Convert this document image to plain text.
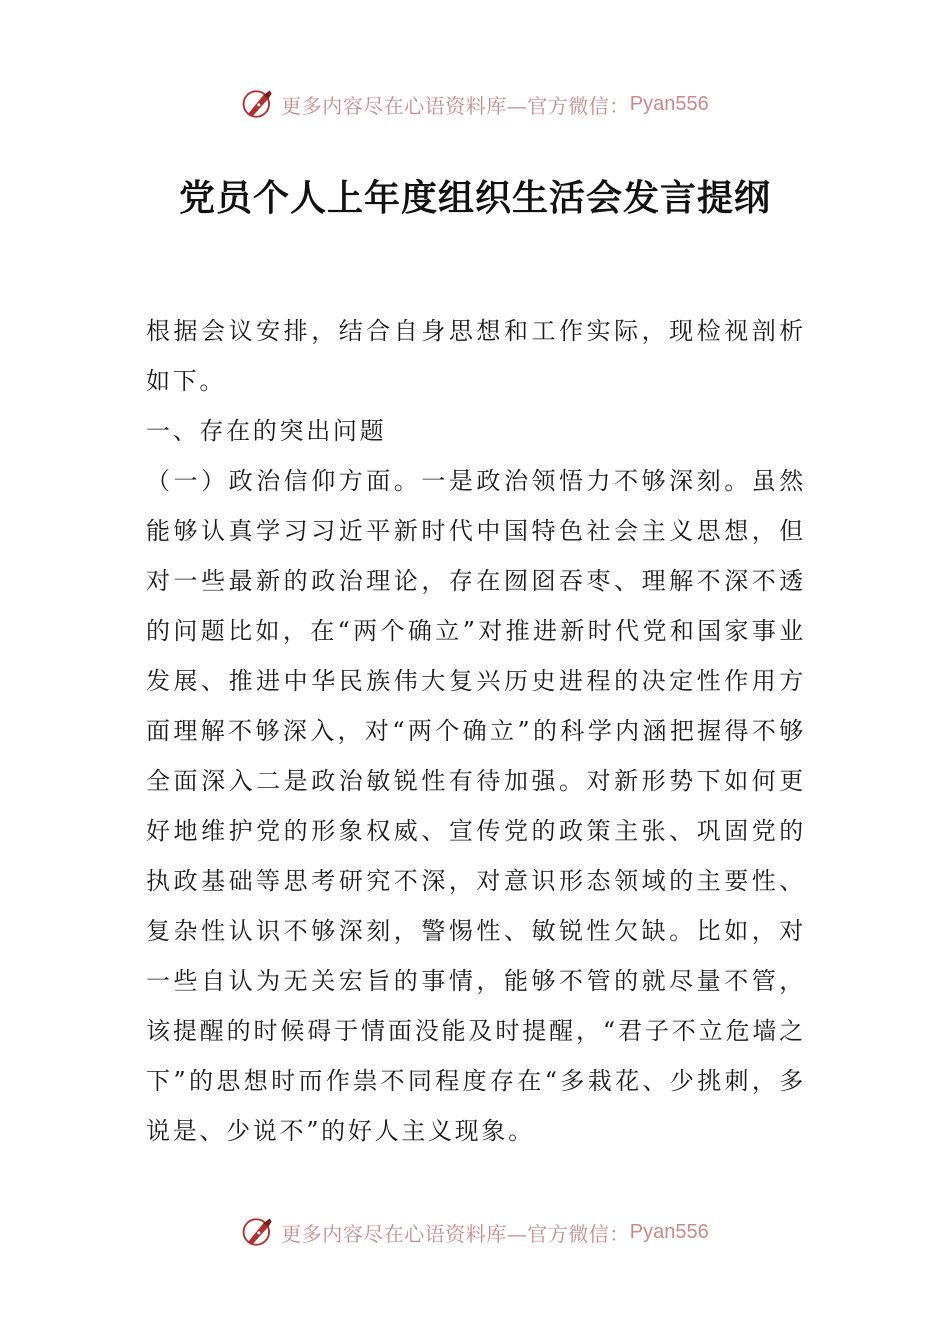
更多内容尽在心语资料库—官方微信： Pyan556
党员个人上年度组织生活会发言提纲

根据会议安排，结合自身思想和工作实际，现检视剖析如下。

一、存在的突出问题

（一）政治信仰方面。一是政治领悟力不够深刻。虽然能够认真学习习近平新时代中国特色社会主义思想，但对一些最新的政治理论，存在囫囵吞枣、理解不深不透的问题比如，在“两个确立”对推进新时代党和国家事业发展、推进中华民族伟大复兴历史进程的决定性作用方面理解不够深入，对“两个确立”的科学内涵把握得不够全面深入二是政治敏锐性有待加强。对新形势下如何更好地维护党的形象权威、宣传党的政策主张、巩固党的执政基础等思考研究不深，对意识形态领域的主要性、复杂性认识不够深刻，警惕性、敏锐性欠缺。比如，对一些自认为无关宏旨的事情，能够不管的就尽量不管，该提醒的时候碍于情面没能及时提醒，“君子不立危墙之下”的思想时而作祟不同程度存在“多栽花、少挑刺，多说是、少说不”的好人主义现象。

更多内容尽在心语资料库—官方微信： Pyan556
